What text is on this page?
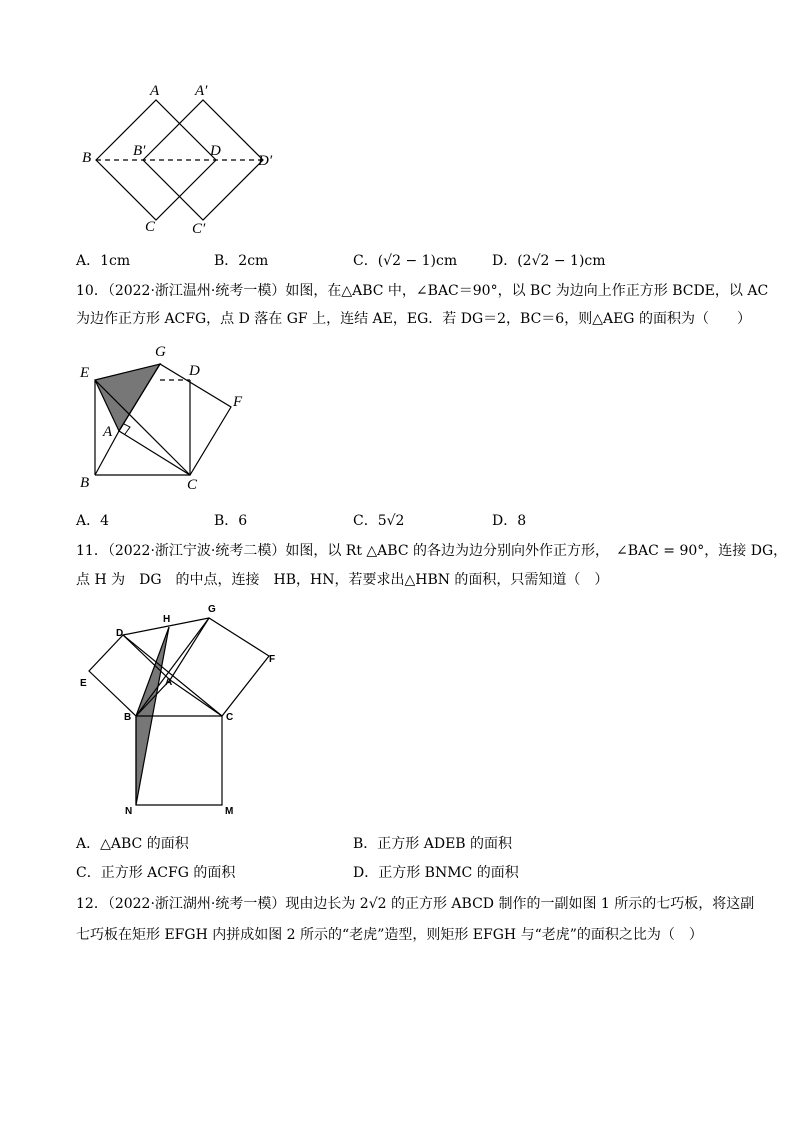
A A′
B	B′	D
D′
C C′
A．1cm	B．2cm	C．(√2 − 1)cm D．(2√2 − 1)cm
10．（2022·浙江温州·统考一模）如图，在△ABC 中，∠BAC＝90°，以 BC 为边向上作正方形 BCDE，以 AC
为边作正方形 ACFG，点 D 落在 GF 上，连结 AE，EG．若 DG＝2，BC＝6，则△AEG 的面积为（　　）
E
G
D
F
A
B	C
A．4	B．6	C．5√2	D．8
11．（2022·浙江宁波·统考二模）如图，以 Rt △ABC 的各边为边分别向外作正方形，　∠BAC = 90°，连接 DG，
点 H 为　DG　的中点，连接　HB，HN，若要求出△HBN 的面积，只需知道（　）
H
G
D
F
E	A
B	C
N	M
A．△ABC 的面积	B．正方形 ADEB 的面积
C．正方形 ACFG 的面积	D．正方形 BNMC 的面积
12．（2022·浙江湖州·统考一模）现由边长为 2√2 的正方形 ABCD 制作的一副如图 1 所示的七巧板，将这副
七巧板在矩形 EFGH 内拼成如图 2 所示的“老虎”造型，则矩形 EFGH 与“老虎”的面积之比为（　）
